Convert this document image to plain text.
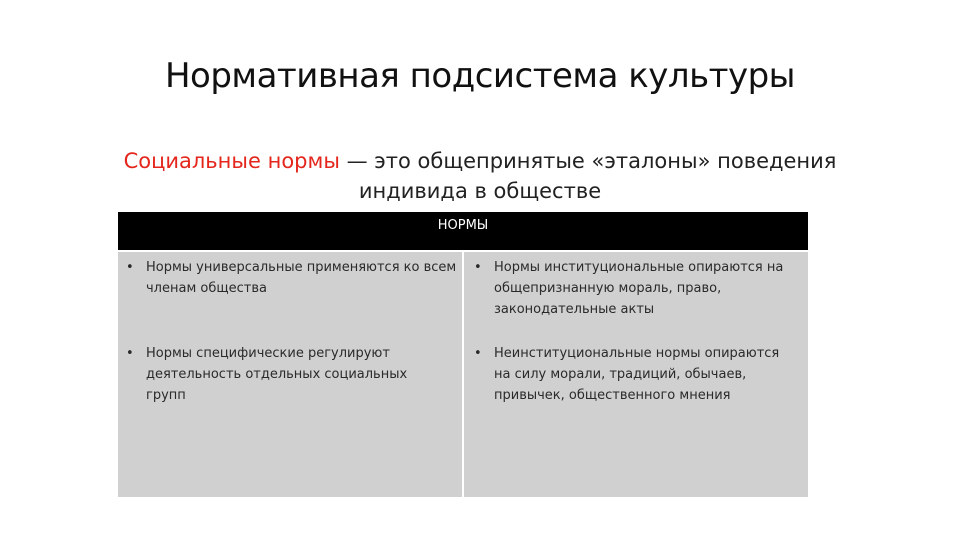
Нормативная подсистема культуры
Социальные нормы — это общепринятые «эталоны» поведения
индивида в обществе
НОРМЫ
• Нормы универсальные применяются ко всем членам общества
• Нормы специфические регулируют деятельность отдельных социальных групп
• Нормы институциональные опираются на общепризнанную мораль, право, законодательные акты
• Неинституциональные нормы опираются на силу морали, традиций, обычаев, привычек, общественного мнения
